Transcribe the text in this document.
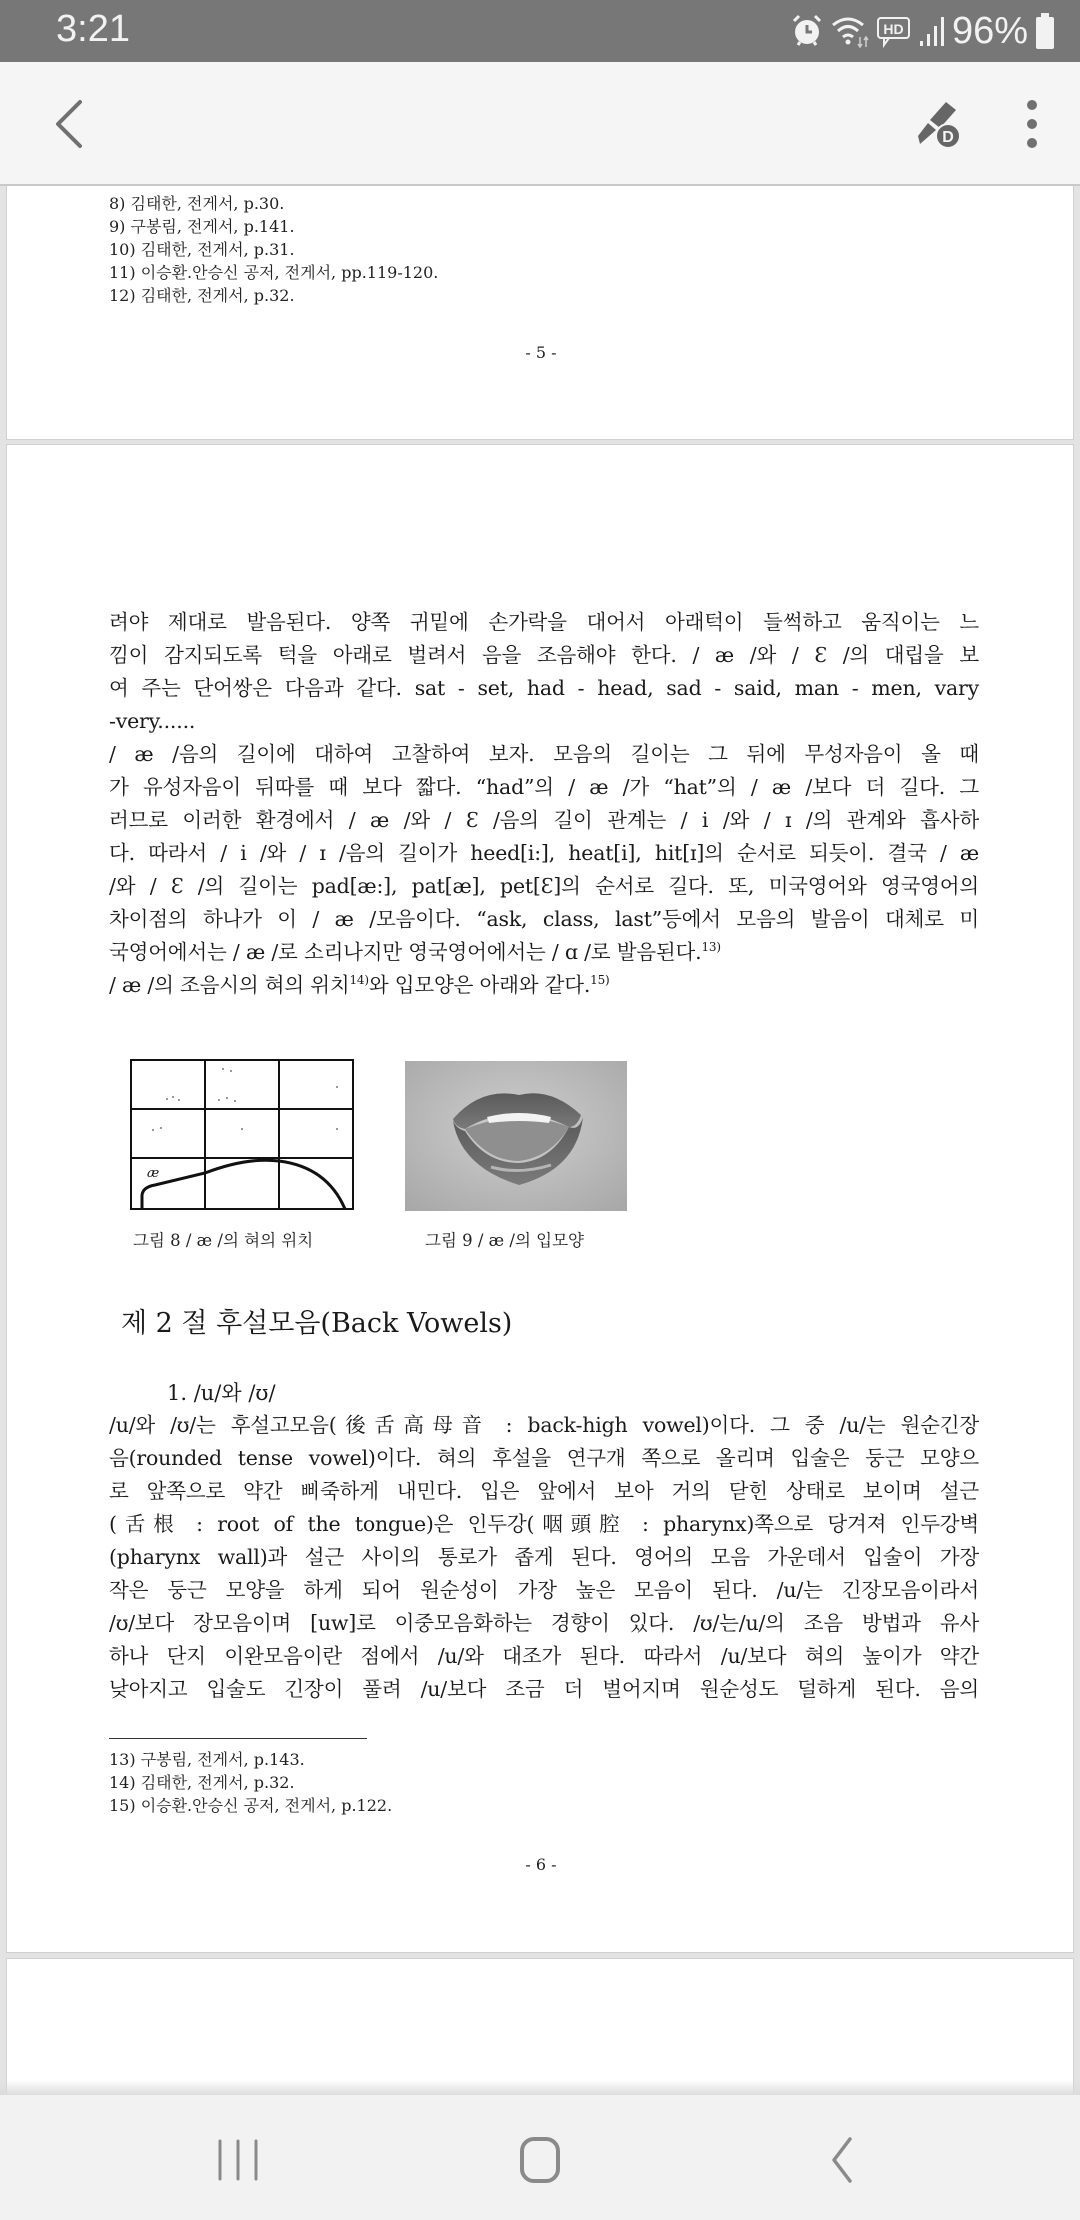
3:21	HD 96%
D
8) 김태한, 전게서, p.30.
9) 구봉림, 전게서, p.141.
10) 김태한, 전게서, p.31.
11) 이승환.안승신 공저, 전게서, pp.119-120.
12) 김태한, 전게서, p.32.
- 5 -
려야 제대로 발음된다. 양쪽 귀밑에 손가락을 대어서 아래턱이 들썩하고 움직이는 느
낌이 감지되도록 턱을 아래로 벌려서 음을 조음해야 한다. / æ /와 / Ɛ /의 대립을 보
여 주는 단어쌍은 다음과 같다. sat - set, had - head, sad - said, man - men, vary
-very......
/ æ /음의 길이에 대하여 고찰하여 보자. 모음의 길이는 그 뒤에 무성자음이 올 때
가 유성자음이 뒤따를 때 보다 짧다. “had”의 / æ /가 “hat”의 / æ /보다 더 길다. 그
러므로 이러한 환경에서 / æ /와 / Ɛ /음의 길이 관계는 / i /와 / ɪ /의 관계와 흡사하
다. 따라서 / i /와 / ɪ /음의 길이가 heed[i:], heat[i], hit[ɪ]의 순서로 되듯이. 결국 / æ
/와 / Ɛ /의 길이는 pad[æ:], pat[æ], pet[Ɛ]의 순서로 길다. 또, 미국영어와 영국영어의
차이점의 하나가 이 / æ /모음이다. “ask, class, last”등에서 모음의 발음이 대체로 미
국영어에서는 / æ /로 소리나지만 영국영어에서는 / ɑ /로 발음된다.$^{13)}$
/ æ /의 조음시의 혀의 위치$^{14)}$와 입모양은 아래와 같다.$^{15)}$
æ
그림 8 / æ /의 혀의 위치	그림 9 / æ /의 입모양
제 2 절 후설모음(Back Vowels)
1. /u/와 /ʊ/
/u/와 /ʊ/는 후설고모음(後舌高母音 : back-high vowel)이다. 그 중 /u/는 원순긴장
음(rounded tense vowel)이다. 혀의 후설을 연구개 쪽으로 올리며 입술은 둥근 모양으
로 앞쪽으로 약간 삐죽하게 내민다. 입은 앞에서 보아 거의 닫힌 상태로 보이며 설근
(舌根 : root of the tongue)은 인두강(咽頭腔 : pharynx)쪽으로 당겨져 인두강벽
(pharynx wall)과 설근 사이의 통로가 좁게 된다. 영어의 모음 가운데서 입술이 가장
작은 둥근 모양을 하게 되어 원순성이 가장 높은 모음이 된다. /u/는 긴장모음이라서
/ʊ/보다 장모음이며 [uw]로 이중모음화하는 경향이 있다. /ʊ/는/u/의 조음 방법과 유사
하나 단지 이완모음이란 점에서 /u/와 대조가 된다. 따라서 /u/보다 혀의 높이가 약간
낮아지고 입술도 긴장이 풀려 /u/보다 조금 더 벌어지며 원순성도 덜하게 된다. 음의
13) 구봉림, 전게서, p.143.
14) 김태한, 전게서, p.32.
15) 이승환.안승신 공저, 전게서, p.122.
- 6 -
